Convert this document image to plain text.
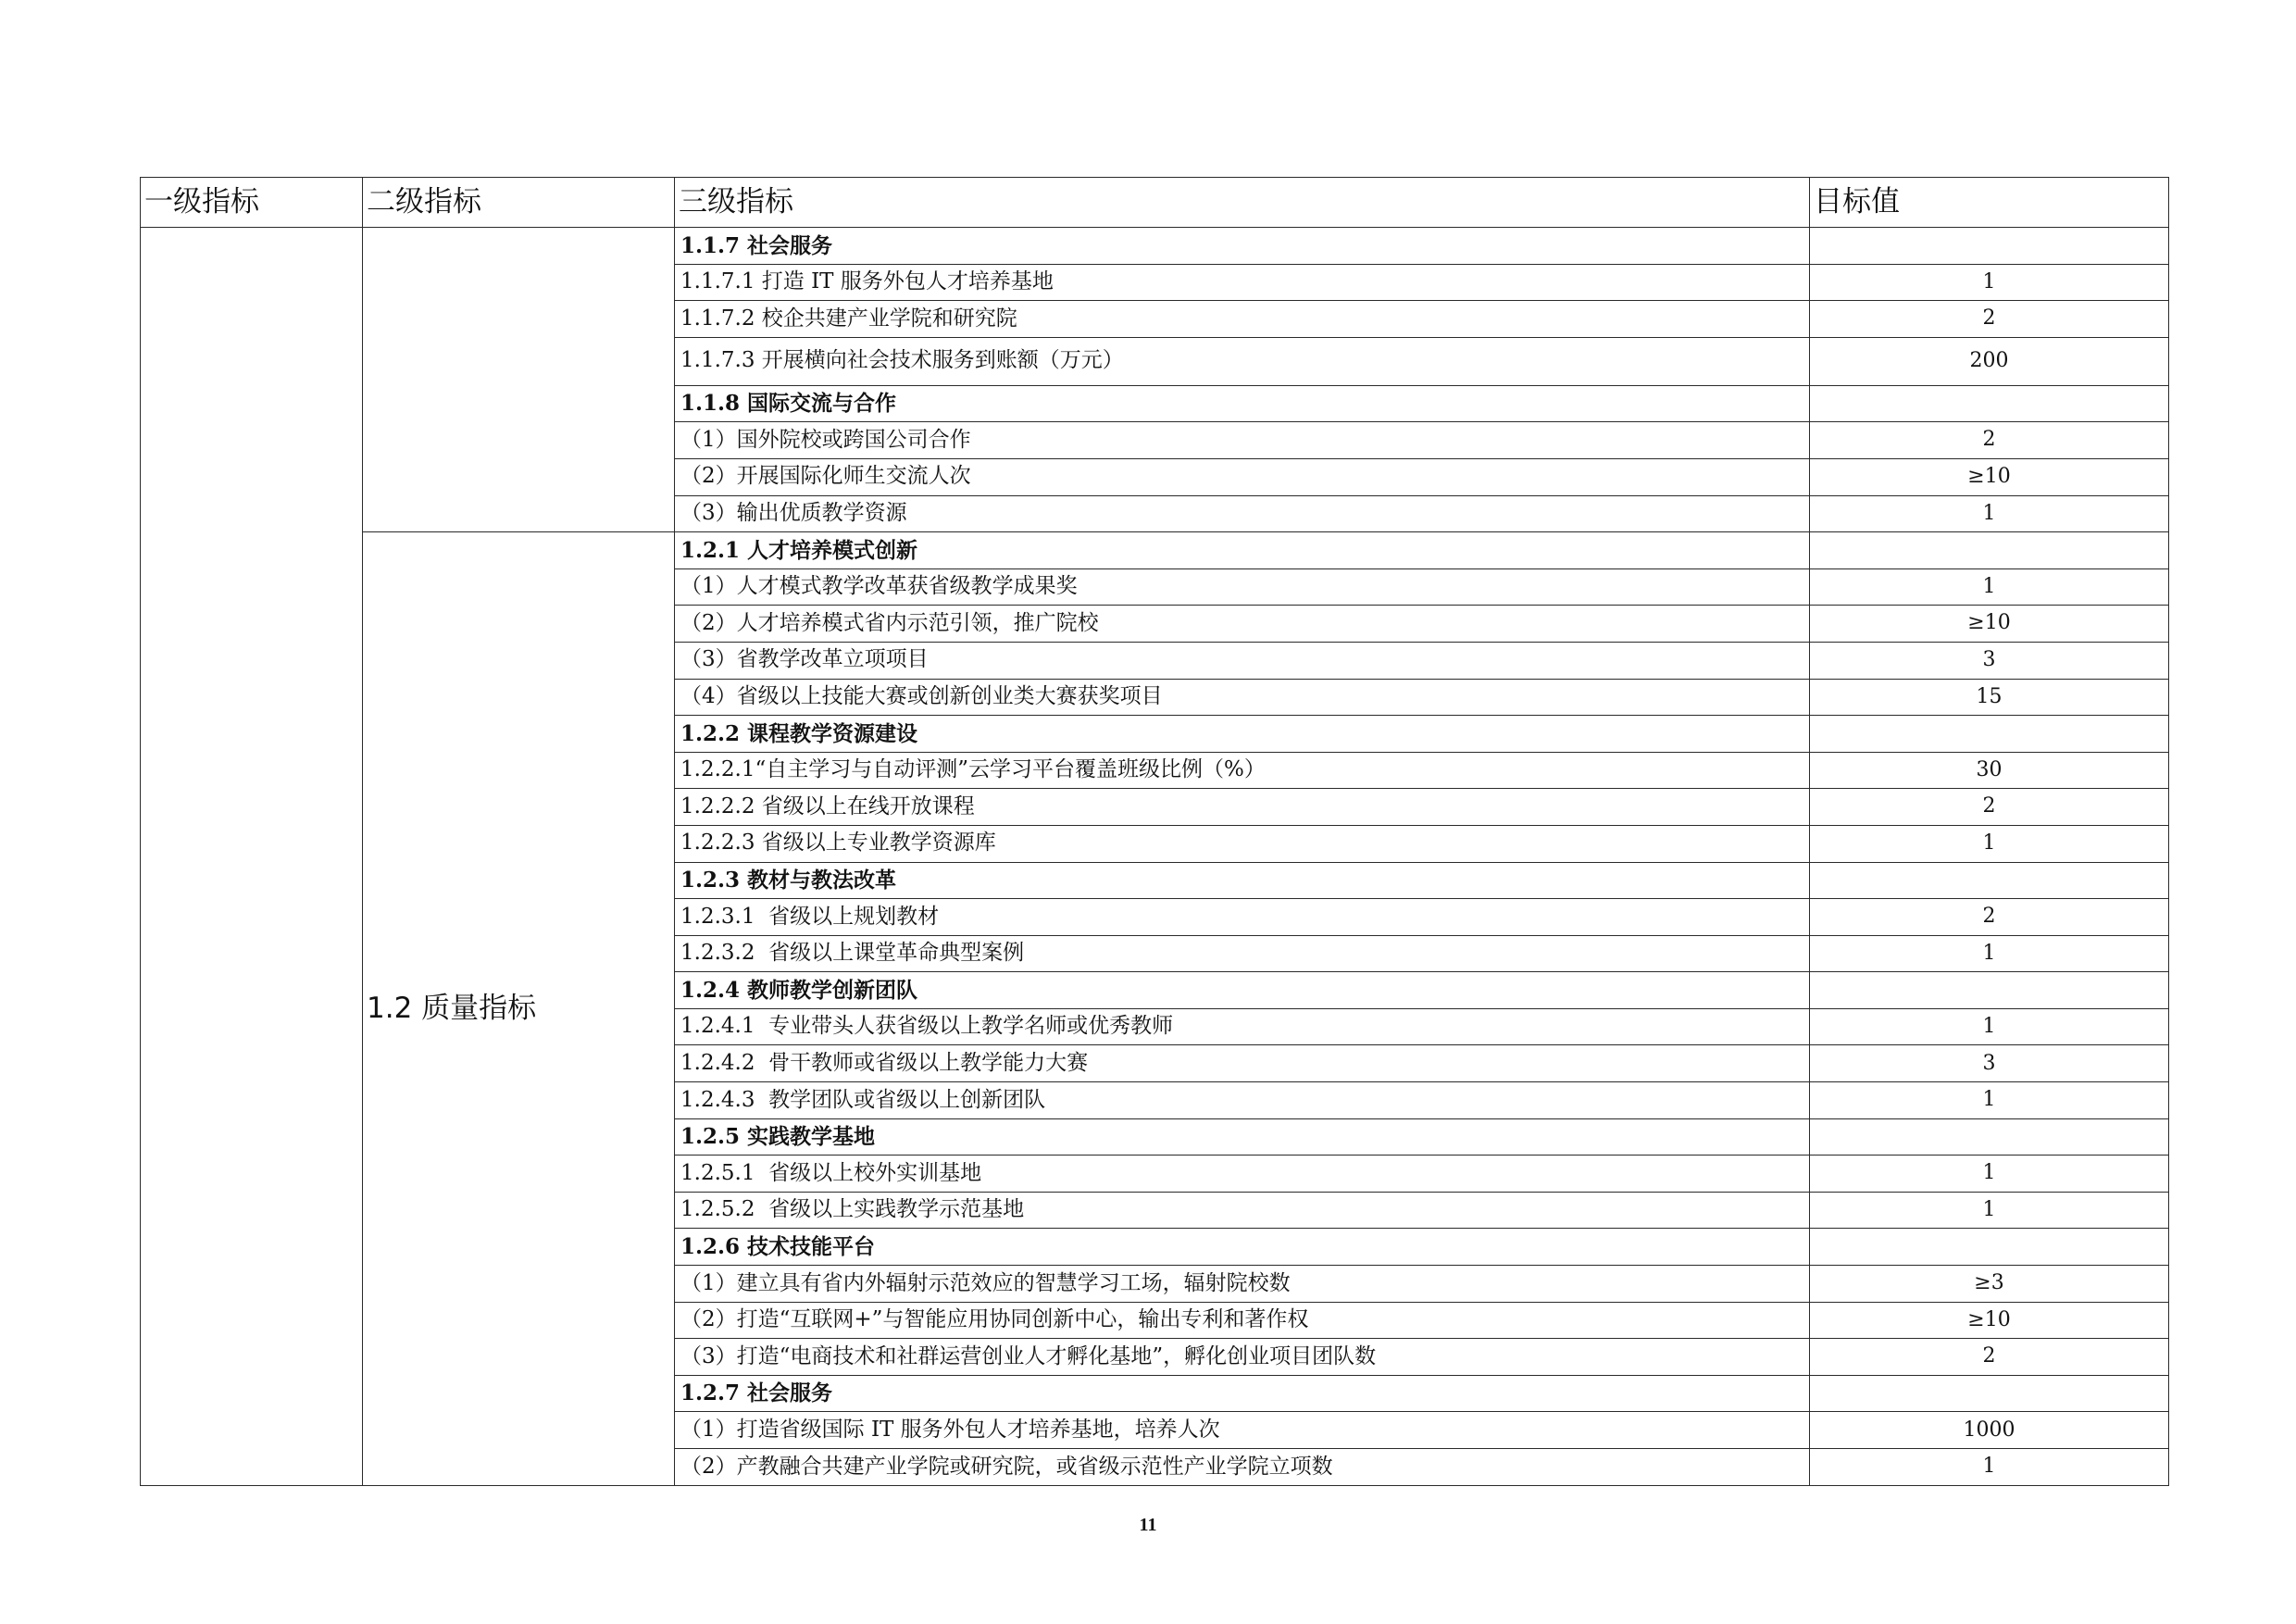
一级指标	二级指标	三级指标	目标值
		1.1.7 社会服务	
		1.1.7.1 打造 IT 服务外包人才培养基地	1
		1.1.7.2 校企共建产业学院和研究院	2
		1.1.7.3 开展横向社会技术服务到账额（万元）	200
		1.1.8 国际交流与合作	
		（1）国外院校或跨国公司合作	2
		（2）开展国际化师生交流人次	≥10
		（3）输出优质教学资源	1
	1.2 质量指标	1.2.1 人才培养模式创新	
		（1）人才模式教学改革获省级教学成果奖	1
		（2）人才培养模式省内示范引领，推广院校	≥10
		（3）省教学改革立项项目	3
		（4）省级以上技能大赛或创新创业类大赛获奖项目	15
		1.2.2 课程教学资源建设	
		1.2.2.1“自主学习与自动评测”云学习平台覆盖班级比例（%）	30
		1.2.2.2 省级以上在线开放课程	2
		1.2.2.3 省级以上专业教学资源库	1
		1.2.3 教材与教法改革	
		1.2.3.1  省级以上规划教材	2
		1.2.3.2  省级以上课堂革命典型案例	1
		1.2.4 教师教学创新团队	
		1.2.4.1  专业带头人获省级以上教学名师或优秀教师	1
		1.2.4.2  骨干教师或省级以上教学能力大赛	3
		1.2.4.3  教学团队或省级以上创新团队	1
		1.2.5 实践教学基地	
		1.2.5.1  省级以上校外实训基地	1
		1.2.5.2  省级以上实践教学示范基地	1
		1.2.6 技术技能平台	
		（1）建立具有省内外辐射示范效应的智慧学习工场，辐射院校数	≥3
		（2）打造“互联网+”与智能应用协同创新中心，输出专利和著作权	≥10
		（3）打造“电商技术和社群运营创业人才孵化基地”，孵化创业项目团队数	2
		1.2.7 社会服务	
		（1）打造省级国际 IT 服务外包人才培养基地，培养人次	1000
		（2）产教融合共建产业学院或研究院，或省级示范性产业学院立项数	1
11
